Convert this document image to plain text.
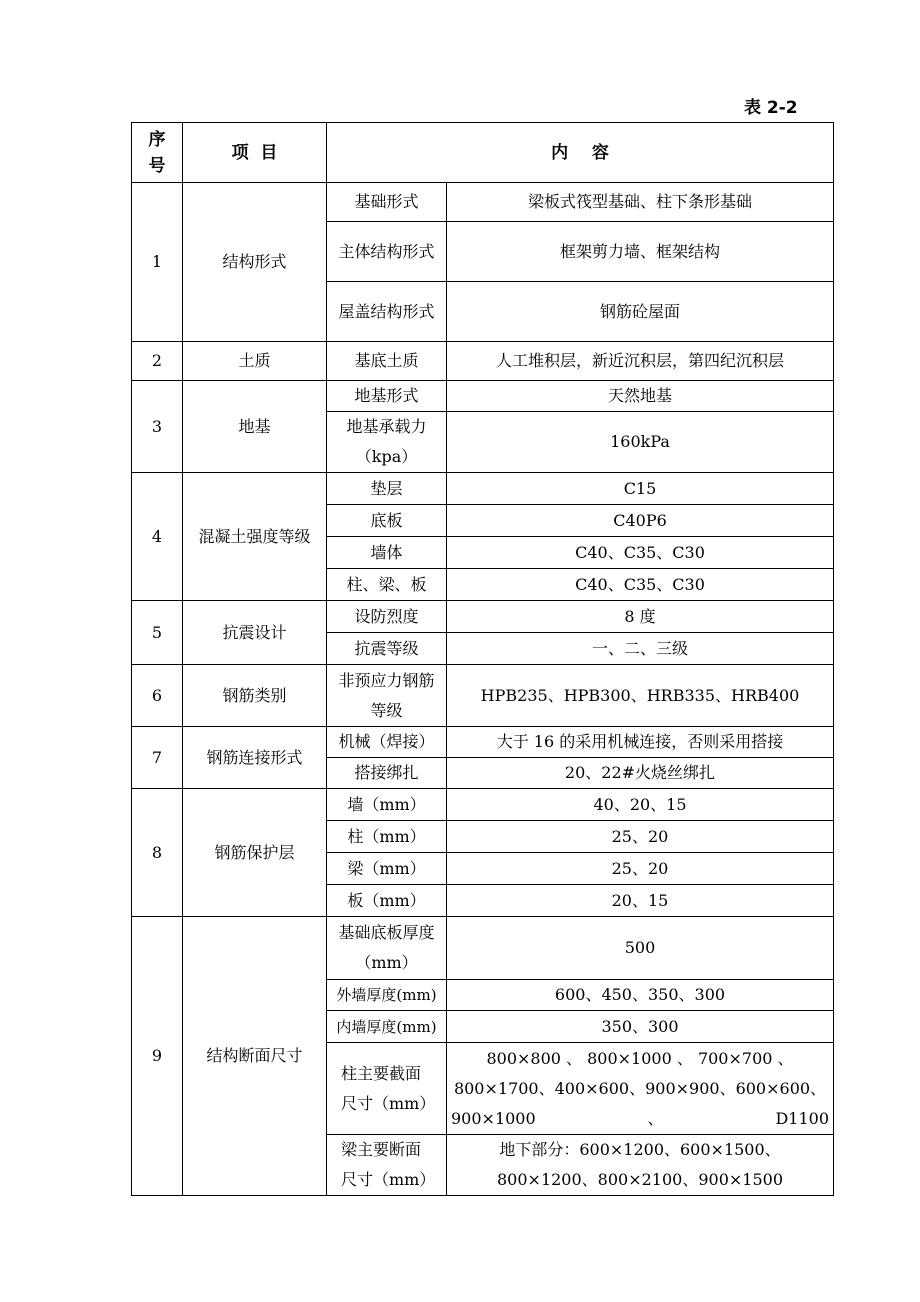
表 2-2
序
号	项  目	内    容	
1	结构形式	基础形式	梁板式筏型基础、柱下条形基础
		主体结构形式	框架剪力墙、框架结构
		屋盖结构形式	钢筋砼屋面
2	土质	基底土质	人工堆积层，新近沉积层，第四纪沉积层
3	地基	地基形式	天然地基
		地基承载力（kpa）	160kPa
4	混凝土强度等级	垫层	C15
		底板	C40P6
		墙体	C40、C35、C30
		柱、梁、板	C40、C35、C30
5	抗震设计	设防烈度	8 度
		抗震等级	一、二、三级
6	钢筋类别	非预应力钢筋等级	HPB235、HPB300、HRB335、HRB400
7	钢筋连接形式	机械（焊接）	大于 16 的采用机械连接，否则采用搭接
		搭接绑扎	20、22#火烧丝绑扎
8	钢筋保护层	墙（mm）	40、20、15
		柱（mm）	25、20
		梁（mm）	25、20
		板（mm）	20、15
9	结构断面尺寸	基础底板厚度（mm）	500
		外墙厚度(mm)	600、450、350、300
		内墙厚度(mm)	350、300
		柱主要截面尺寸（mm）	800×800 、 800×1000 、 700×700 、800×1700、400×600、900×900、600×600、900×1000、D1100
		梁主要断面尺寸（mm）	地下部分：600×1200、600×1500、800×1200、800×2100、900×1500
